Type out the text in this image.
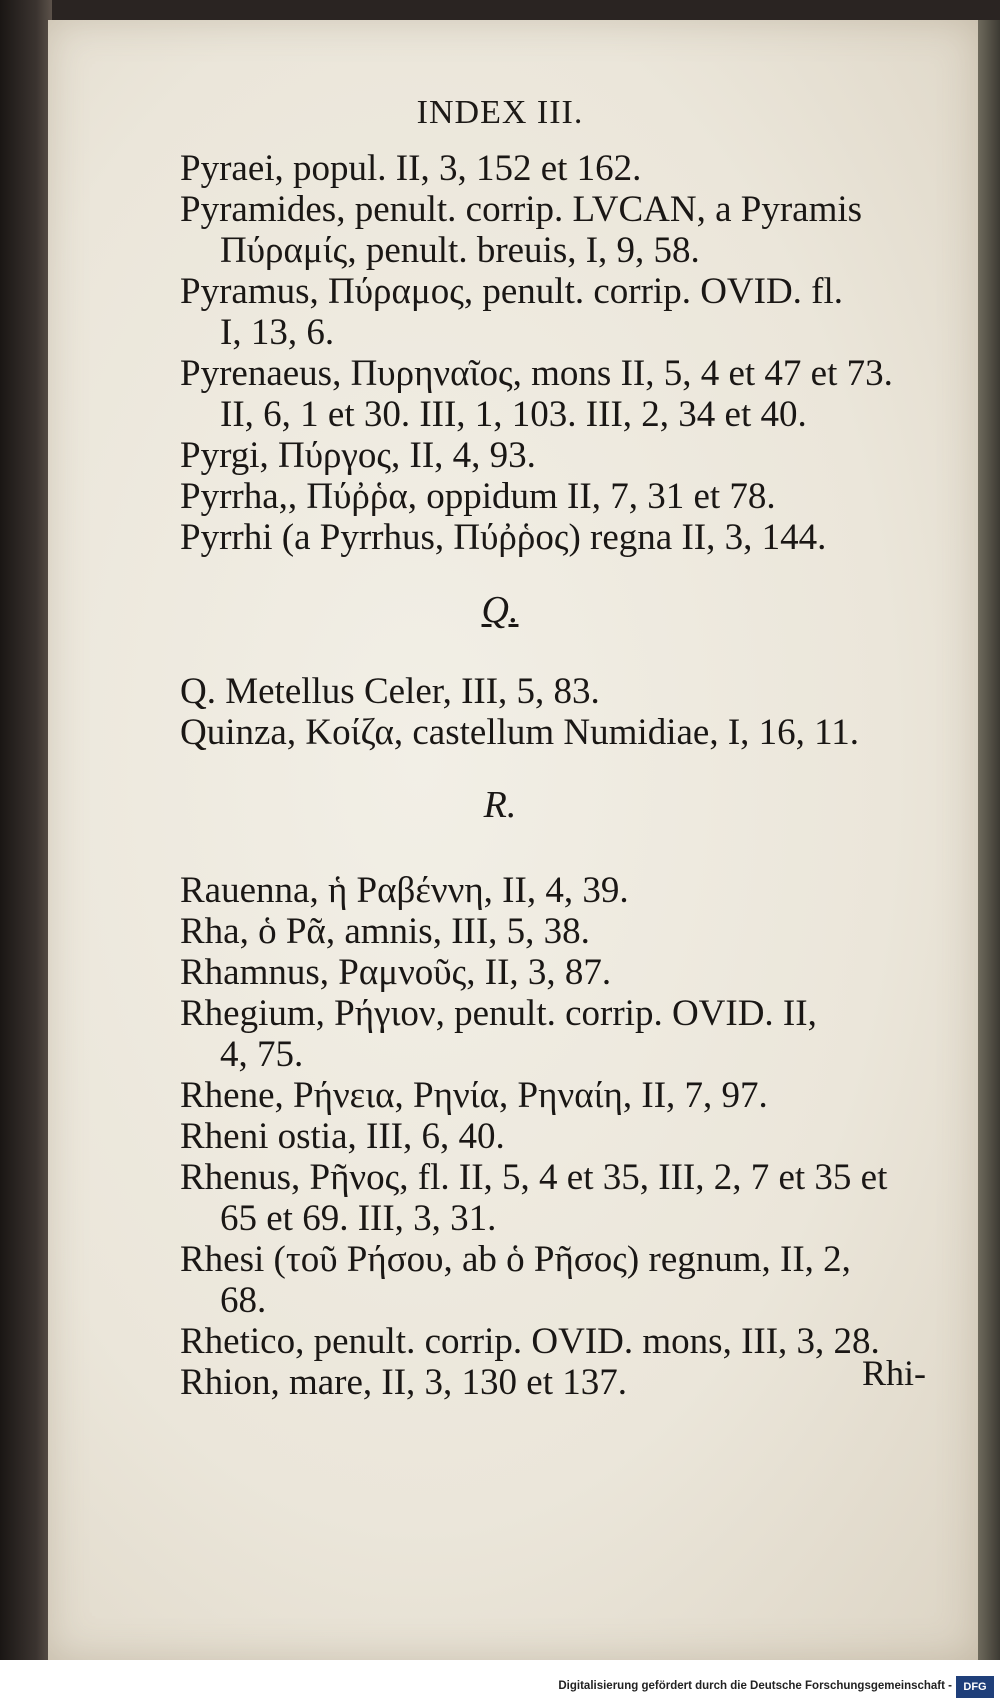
INDEX III.
Pyraei, popul. II, 3, 152 et 162.
Pyramides, penult. corrip. LVCAN, a Pyramis
Πύραμίς, penult. breuis, I, 9, 58.
Pyramus, Πύραμος, penult. corrip. OVID. fl.
I, 13, 6.
Pyrenaeus, Πυρηναῖος, mons II, 5, 4 et 47 et 73.
II, 6, 1 et 30. III, 1, 103. III, 2, 34 et 40.
Pyrgi, Πύργος, II, 4, 93.
Pyrrha,, Πύῤῥα, oppidum II, 7, 31 et 78.
Pyrrhi (a Pyrrhus, Πύῤῥος) regna II, 3, 144.
Q.
Q. Metellus Celer, III, 5, 83.
Quinza, Κοίζα, castellum Numidiae, I, 16, 11.
R.
Rauenna, ἡ Ραβέννη, II, 4, 39.
Rha, ὁ Ρᾶ, amnis, III, 5, 38.
Rhamnus, Ραμνοῦς, II, 3, 87.
Rhegium, Ρήγιον, penult. corrip. OVID. II,
4, 75.
Rhene, Ρήνεια, Ρηνία, Ρηναίη, II, 7, 97.
Rheni ostia, III, 6, 40.
Rhenus, Ρῆνος, fl. II, 5, 4 et 35, III, 2, 7 et 35 et
65 et 69. III, 3, 31.
Rhesi (τοῦ Ρήσου, ab ὁ Ρῆσος) regnum, II, 2,
68.
Rhetico, penult. corrip. OVID. mons, III, 3, 28.
Rhion, mare, II, 3, 130 et 137.	Rhi-
Digitalisierung gefördert durch die Deutsche Forschungsgemeinschaft -	DFG
